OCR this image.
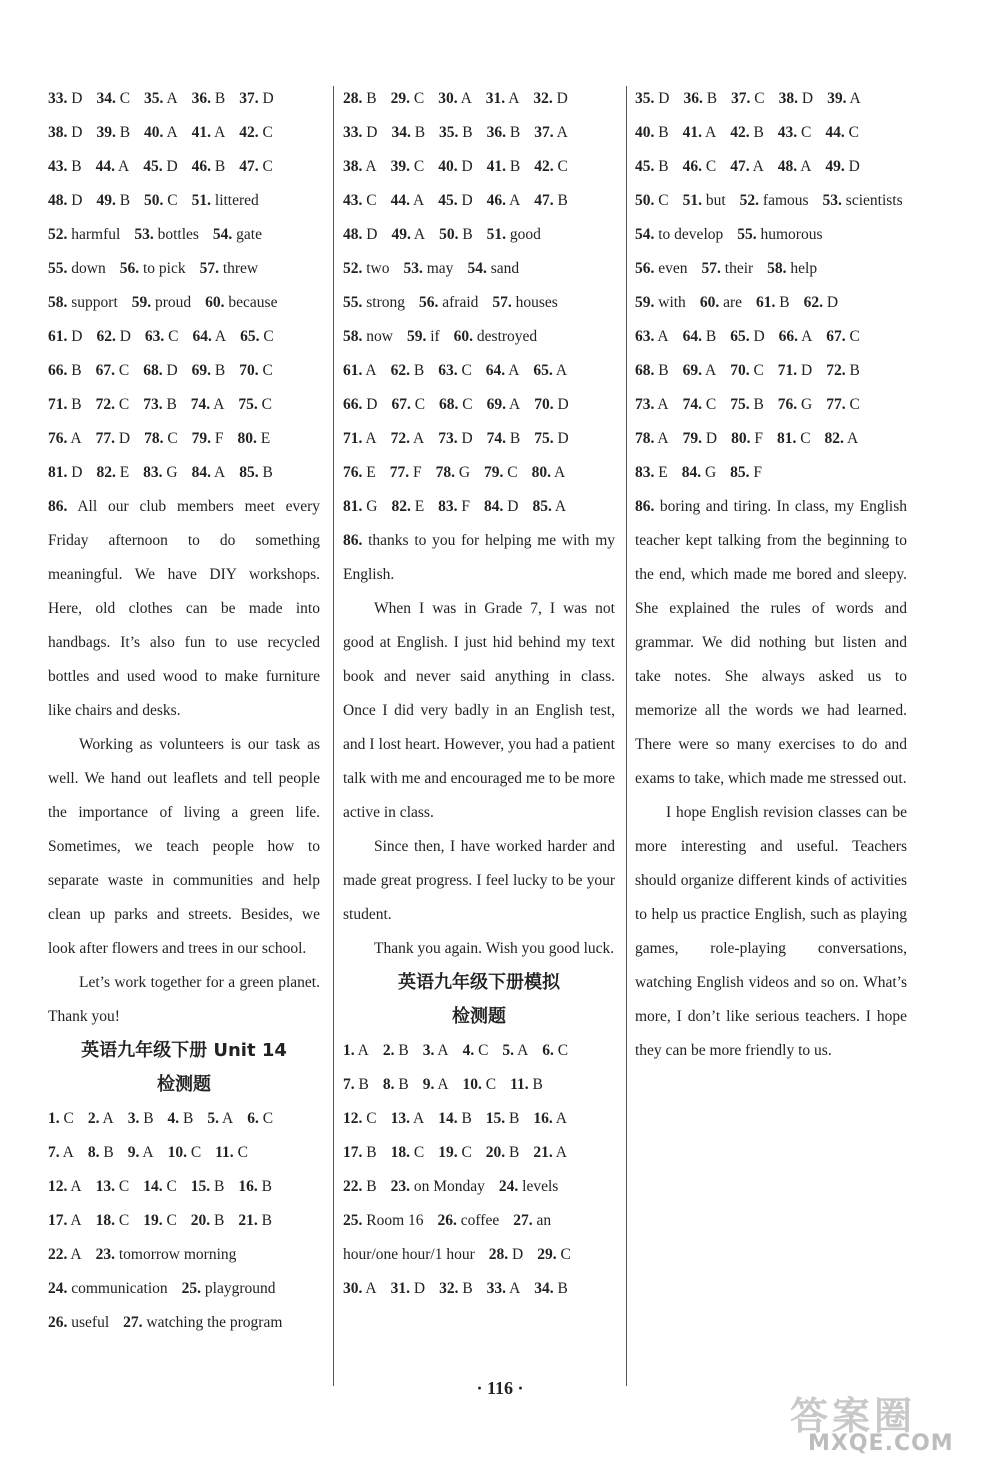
33. D 34. C 35. A 36. B 37. D
38. D 39. B 40. A 41. A 42. C
43. B 44. A 45. D 46. B 47. C
48. D 49. B 50. C 51. littered
52. harmful 53. bottles 54. gate
55. down 56. to pick 57. threw
58. support 59. proud 60. because
61. D 62. D 63. C 64. A 65. C
66. B 67. C 68. D 69. B 70. C
71. B 72. C 73. B 74. A 75. C
76. A 77. D 78. C 79. F 80. E
81. D 82. E 83. G 84. A 85. B

86. All our club members meet every Friday afternoon to do something meaningful. We have DIY workshops. Here, old clothes can be made into handbags. It’s also fun to use recycled bottles and used wood to make furniture like chairs and desks.

Working as volunteers is our task as well. We hand out leaflets and tell people the importance of living a green life. Sometimes, we teach people how to separate waste in communities and help clean up parks and streets. Besides, we look after flowers and trees in our school.

Let’s work together for a green planet. Thank you!

英语九年级下册 Unit 14
检测题
1. C 2. A 3. B 4. B 5. A 6. C
7. A 8. B 9. A 10. C 11. C
12. A 13. C 14. C 15. B 16. B
17. A 18. C 19. C 20. B 21. B
22. A 23. tomorrow morning
24. communication 25. playground
26. useful 27. watching the program
28. B 29. C 30. A 31. A 32. D
33. D 34. B 35. B 36. B 37. A
38. A 39. C 40. D 41. B 42. C
43. C 44. A 45. D 46. A 47. B
48. D 49. A 50. B 51. good
52. two 53. may 54. sand
55. strong 56. afraid 57. houses
58. now 59. if 60. destroyed
61. A 62. B 63. C 64. A 65. A
66. D 67. C 68. C 69. A 70. D
71. A 72. A 73. D 74. B 75. D
76. E 77. F 78. G 79. C 80. A
81. G 82. E 83. F 84. D 85. A

86. thanks to you for helping me with my English.

When I was in Grade 7, I was not good at English. I just hid behind my text book and never said anything in class. Once I did very badly in an English test, and I lost heart. However, you had a patient talk with me and encouraged me to be more active in class.

Since then, I have worked harder and made great progress. I feel lucky to be your student.

Thank you again. Wish you good luck.

英语九年级下册模拟
检测题
1. A 2. B 3. A 4. C 5. A 6. C
7. B 8. B 9. A 10. C 11. B
12. C 13. A 14. B 15. B 16. A
17. B 18. C 19. C 20. B 21. A
22. B 23. on Monday 24. levels
25. Room 16 26. coffee 27. an
hour/one hour/1 hour 28. D 29. C
30. A 31. D 32. B 33. A 34. B
35. D 36. B 37. C 38. D 39. A
40. B 41. A 42. B 43. C 44. C
45. B 46. C 47. A 48. A 49. D
50. C 51. but 52. famous 53. scientists
54. to develop 55. humorous
56. even 57. their 58. help
59. with 60. are 61. B 62. D
63. A 64. B 65. D 66. A 67. C
68. B 69. A 70. C 71. D 72. B
73. A 74. C 75. B 76. G 77. C
78. A 79. D 80. F 81. C 82. A
83. E 84. G 85. F

86. boring and tiring. In class, my English teacher kept talking from the beginning to the end, which made me bored and sleepy. She explained the rules of words and grammar. We did nothing but listen and take notes. She always asked us to memorize all the words we had learned. There were so many exercises to do and exams to take, which made me stressed out.

I hope English revision classes can be more interesting and useful. Teachers should organize different kinds of activities to help us practice English, such as playing games, role-playing conversations, watching English videos and so on. What’s more, I don’t like serious teachers. I hope they can be more friendly to us.

· 116 ·
答案圈
MXQE.COM
